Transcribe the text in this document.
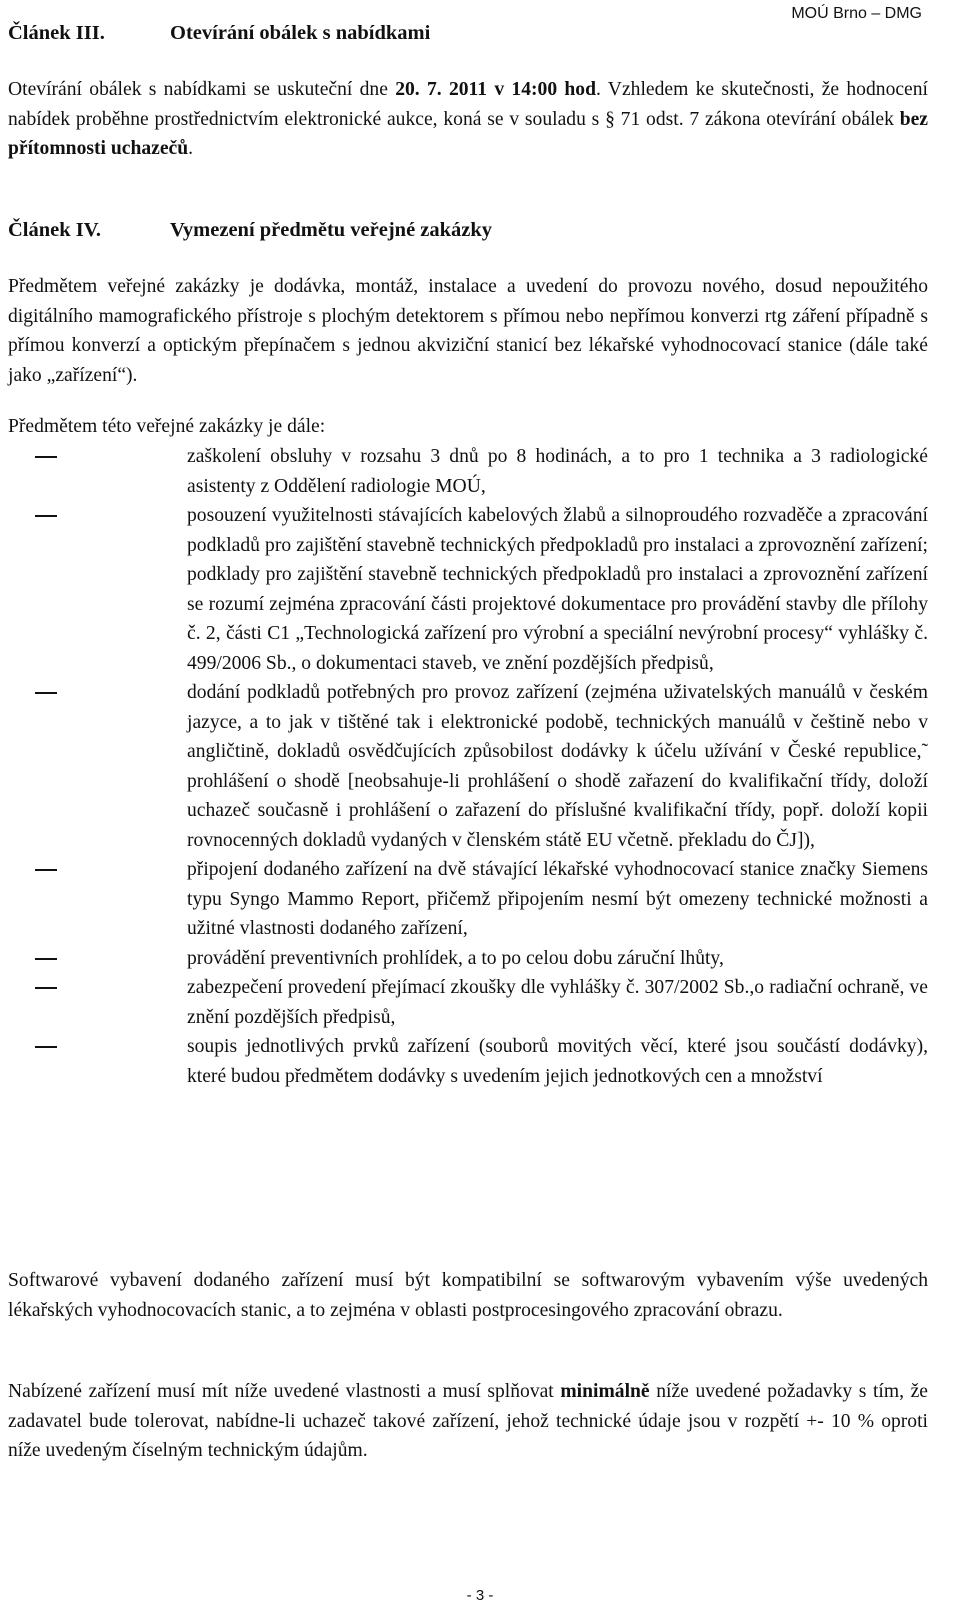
MOÚ Brno – DMG
Článek III.	Otevírání obálek s nabídkami

Otevírání obálek s nabídkami se uskuteční dne 20. 7. 2011 v 14:00 hod. Vzhledem ke skutečnosti, že hodnocení nabídek proběhne prostřednictvím elektronické aukce, koná se v souladu s § 71 odst. 7 zákona otevírání obálek bez přítomnosti uchazečů.

Článek IV.	Vymezení předmětu veřejné zakázky

Předmětem veřejné zakázky je dodávka, montáž, instalace a uvedení do provozu nového, dosud nepoužitého digitálního mamografického přístroje s plochým detektorem s přímou nebo nepřímou konverzi rtg záření případně s přímou konverzí a optickým přepínačem s jednou akviziční stanicí bez lékařské vyhodnocovací stanice (dále také jako „zařízení“).

Předmětem této veřejné zakázky je dále:

zaškolení obsluhy v rozsahu 3 dnů po 8 hodinách, a to pro 1 technika a 3 radiologické asistenty z Oddělení radiologie MOÚ,
posouzení využitelnosti stávajících kabelových žlabů a silnoproudého rozvaděče a zpracování podkladů pro zajištění stavebně technických předpokladů pro instalaci a zprovoznění zařízení; podklady pro zajištění stavebně technických předpokladů pro instalaci a zprovoznění zařízení se rozumí zejména zpracování části projektové dokumentace pro provádění stavby dle přílohy č. 2, části C1 „Technologická zařízení pro výrobní a speciální nevýrobní procesy“ vyhlášky č. 499/2006 Sb., o dokumentaci staveb, ve znění pozdějších předpisů,
dodání podkladů potřebných pro provoz zařízení (zejména uživatelských manuálů v českém jazyce, a to jak v tištěné tak i elektronické podobě, technických manuálů v češtině nebo v angličtině, dokladů osvědčujících způsobilost dodávky k účelu užívání v České republice,˜ prohlášení o shodě [neobsahuje-li prohlášení o shodě zařazení do kvalifikační třídy, doloží uchazeč současně i prohlášení o zařazení do příslušné kvalifikační třídy, popř. doloží kopii rovnocenných dokladů vydaných v členském státě EU včetně. překladu do ČJ]),
připojení dodaného zařízení na dvě stávající lékařské vyhodnocovací stanice značky Siemens typu Syngo Mammo Report, přičemž připojením nesmí být omezeny technické možnosti a užitné vlastnosti dodaného zařízení,
provádění preventivních prohlídek, a to po celou dobu záruční lhůty,
zabezpečení provedení přejímací zkoušky dle vyhlášky č. 307/2002 Sb.,o radiační ochraně, ve znění pozdějších předpisů,
soupis jednotlivých prvků zařízení (souborů movitých věcí, které jsou součástí dodávky), které budou předmětem dodávky s uvedením jejich jednotkových cen a množství

Softwarové vybavení dodaného zařízení musí být kompatibilní se softwarovým vybavením výše uvedených lékařských vyhodnocovacích stanic, a to zejména v oblasti postprocesingového zpracování obrazu.

Nabízené zařízení musí mít níže uvedené vlastnosti a musí splňovat minimálně níže uvedené požadavky s tím, že zadavatel bude tolerovat, nabídne-li uchazeč takové zařízení, jehož technické údaje jsou v rozpětí +- 10 % oproti níže uvedeným číselným technickým údajům.

- 3 -
